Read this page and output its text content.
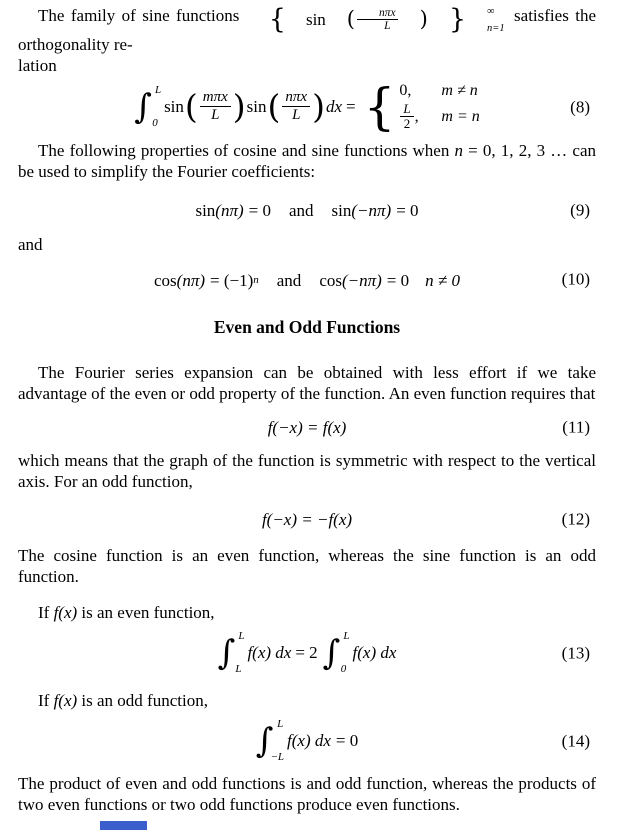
The family of sine functions	{	sin	(	nπx
L	) }	∞
n=1
satisfies the orthogonality re-
lation

∫ L
0
sin ( $\frac{\text{mπx}}{L}$ ) sin ( $\frac{\text{nπx}}{L}$ ) dx = { 0,	m ≠ n
$\frac{L}{2}$ , m = n	(8)

The following properties of cosine and sine functions when n = 0, 1, 2, 3 … can be used to simplify the Fourier coefficients:

sin (nπ) = 0 and sin (−nπ) = 0	(9)

and

cos (nπ) = (−1) n and cos (−nπ) = 0 n ≠ 0	(10)
Even and Odd Functions

The Fourier series expansion can be obtained with less effort if we take advantage of the even or odd property of the function. An even function requires that

f(−x) = f(x)	(11)

which means that the graph of the function is symmetric with respect to the vertical axis. For an odd function,

f(−x) = −f(x)	(12)

The cosine function is an even function, whereas the sine function is an odd function.

If f(x) is an even function,

∫ L
L
f(x) dx = 2 ∫ L
0
f(x) dx	(13)

If f(x) is an odd function,

∫ L
−L
f(x) dx = 0	(14)

The product of even and odd functions is and odd function, whereas the products of two even functions or two odd functions produce even functions.
